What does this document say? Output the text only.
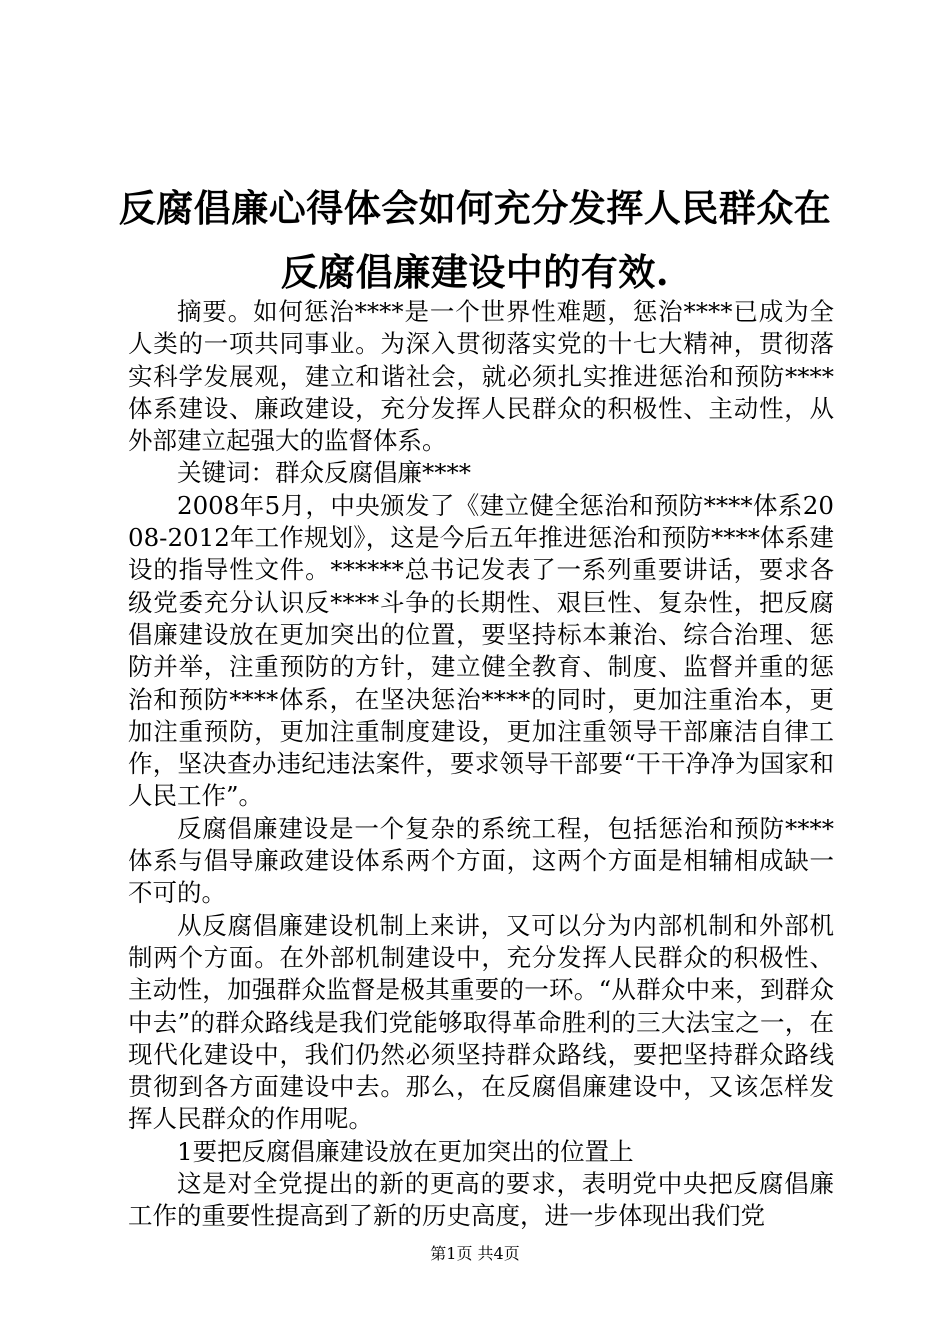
反腐倡廉心得体会如何充分发挥人民群众在反腐倡廉建设中的有效.

摘要。如何惩治****是一个世界性难题，惩治****已成为全人类的一项共同事业。为深入贯彻落实党的十七大精神，贯彻落实科学发展观，建立和谐社会，就必须扎实推进惩治和预防****体系建设、廉政建设，充分发挥人民群众的积极性、主动性，从外部建立起强大的监督体系。

关键词：群众反腐倡廉****

2008年5月，中央颁发了《建立健全惩治和预防****体系2008-2012年工作规划》，这是今后五年推进惩治和预防****体系建设的指导性文件。******总书记发表了一系列重要讲话，要求各级党委充分认识反****斗争的长期性、艰巨性、复杂性，把反腐倡廉建设放在更加突出的位置，要坚持标本兼治、综合治理、惩防并举，注重预防的方针，建立健全教育、制度、监督并重的惩治和预防****体系，在坚决惩治****的同时，更加注重治本，更加注重预防，更加注重制度建设，更加注重领导干部廉洁自律工作，坚决查办违纪违法案件，要求领导干部要“干干净净为国家和人民工作”。

反腐倡廉建设是一个复杂的系统工程，包括惩治和预防****体系与倡导廉政建设体系两个方面，这两个方面是相辅相成缺一不可的。

从反腐倡廉建设机制上来讲，又可以分为内部机制和外部机制两个方面。在外部机制建设中，充分发挥人民群众的积极性、主动性，加强群众监督是极其重要的一环。“从群众中来，到群众中去”的群众路线是我们党能够取得革命胜利的三大法宝之一，在现代化建设中，我们仍然必须坚持群众路线，要把坚持群众路线贯彻到各方面建设中去。那么，在反腐倡廉建设中，又该怎样发挥人民群众的作用呢。

1要把反腐倡廉建设放在更加突出的位置上

这是对全党提出的新的更高的要求，表明党中央把反腐倡廉工作的重要性提高到了新的历史高度，进一步体现出我们党

第1页 共4页
